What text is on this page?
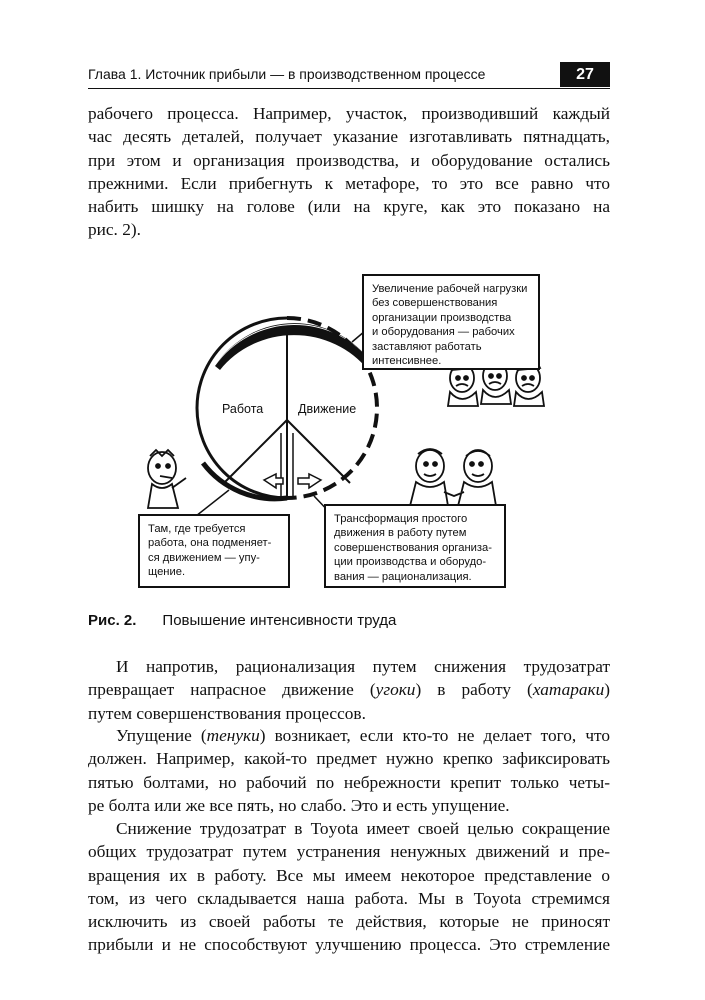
Глава 1. Источник прибыли — в производственном процессе	27
рабочего процесса. Например, участок, производивший каждый
час десять деталей, получает указание изготавливать пятнадцать,
при этом и организация производства, и оборудование остались
прежними. Если прибегнуть к метафоре, то это все равно что
набить шишку на голове (или на круге, как это показано на
рис. 2).
Увеличение рабочей нагрузки
без совершенствования
организации производства
и оборудования — рабочих
заставляют работать
интенсивнее.
Там, где требуется
работа, она подменяет-
ся движением — упу-
щение.
Трансформация простого
движения в работу путем
совершенствования организа-
ции производства и оборудо-
вания — рационализация.
Работа	Движение
Рис. 2. Повышение интенсивности труда
И напротив, рационализация путем снижения трудозатрат
превращает напрасное движение (угоки) в работу (хатараки)
путем совершенствования процессов.
Упущение (тенуки) возникает, если кто-то не делает того, что
должен. Например, какой-то предмет нужно крепко зафиксировать
пятью болтами, но рабочий по небрежности крепит только четы-
ре болта или же все пять, но слабо. Это и есть упущение.
Снижение трудозатрат в Toyota имеет своей целью сокращение
общих трудозатрат путем устранения ненужных движений и пре-
вращения их в работу. Все мы имеем некоторое представление о
том, из чего складывается наша работа. Мы в Toyota стремимся
исключить из своей работы те действия, которые не приносят
прибыли и не способствуют улучшению процесса. Это стремление
